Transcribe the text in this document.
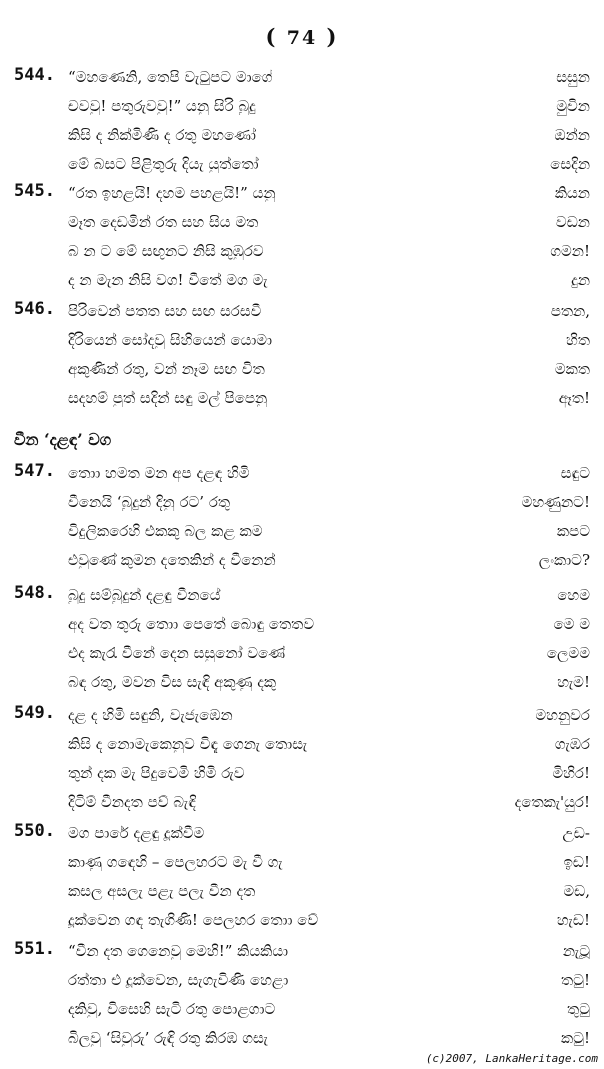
( 74 )
544. “මහණෙනි, තෙපි වැටුපට මාගේ	සසුන
චවවු! පතුරුවවු!” යනු සිරි බුදු	මුවින
කිසි ද නික්මිණි ද රතු මහණෝ	ඔන්න
මේ බසට පිළිතුරු දියැ යුත්තෝ	සෙදින
545. “රත ඉහළයි! දහම පහළයි!” යනු	කියන
මෑත දෙඩමින් රත සහ සිය මත	වඩන
බ න ට මේ සඟුනට නිසි කුඹුරව	ගමන!
ද න මැන නිසි වග! වීතේ මග මැ	දුන
546. පිරිවෙන් පතත සහ සඟ සරසවී	පතන,
දිරියෙන් සෝදවු සිහියෙන් යොමා	හිත
අකුණින් රතු, වන් නෑම සඟ විත	මකත
සදහම් පුත් සදින් සඳු මල් පිපෙනු	ඈත!
වීන ‘දළඳ’ වග
547. තොා හමත මන අප දළඳ හිමි	සඳුට
වීනෙයි ‘බුදුන් දිනු රට’ රතු	මහණුනට!
විදුලිකරෙහි එකකු බල කළ කම	කපට
එවුණේ කුමන දතෙකින් ද වීනෙන්	ලංකාට?
548. බුදු සම්බුදුන් දළඳු වීනයේ	හෙම
අද වත තුරු තොා පෙතේ බොඳු තෙතව	මෙ ම
එද කැරැ වීනේ දෙන සසුනෝ වණේ	ලෙමම
බඳ රතු, මවන විස සැඳි අකුණු දකු	හැම!
549. දළ ද හිමි සඳුනි, වැජැඹෙන	මහනුවර
කිසි ද නොමැකෙනුව විඳැ ගෙනැ තොසැ	ගැඹර
තුන් දක මැ පිදුවෙමි හිමි රුව	මිහිර!
දිටිම් වීනදත පව් බැඳි	දතෙකැ'යුර!
550. මග පාරේ දළඳු දූක්වීම	උඩ-
කාණු ගඳෙහි – පෙලහරට මැ වී ගැ	ඉඩ!
කසල අසලැ පළැ පලැ වීන දත	මඩ,
දූක්වෙන ගඳ තැගිණි! පෙලහර තොා වේ	හැඩ!
551. “වීන දත ගෙනෙවු මෙහි!” කියකියා	නැටූ
රත්තා එ දූක්වෙන, සැගැවිණි හෙළා	තටු!
දකිවු, විසෙහි සැටි රතු පොළගාට	තුටු
බිලවු ‘සිවුරු’ රුඳි රතු කිරඹ ගසැ	කටු!
(c)2007, LankaHeritage.com
